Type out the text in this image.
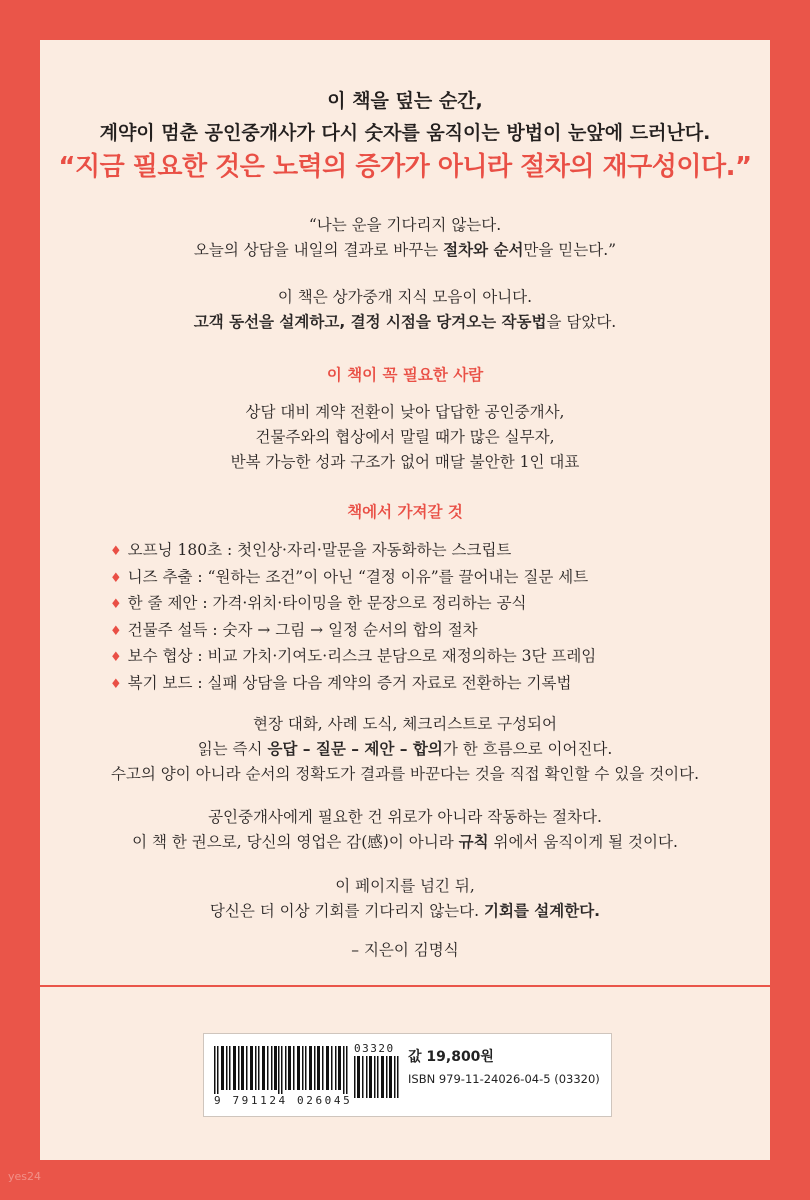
이 책을 덮는 순간,
계약이 멈춘 공인중개사가 다시 숫자를 움직이는 방법이 눈앞에 드러난다.
“지금 필요한 것은 노력의 증가가 아니라 절차의 재구성이다.”
“나는 운을 기다리지 않는다.
오늘의 상담을 내일의 결과로 바꾸는 절차와 순서만을 믿는다.”
이 책은 상가중개 지식 모음이 아니다.
고객 동선을 설계하고, 결정 시점을 당겨오는 작동법을 담았다.
이 책이 꼭 필요한 사람
상담 대비 계약 전환이 낮아 답답한 공인중개사,
건물주와의 협상에서 말릴 때가 많은 실무자,
반복 가능한 성과 구조가 없어 매달 불안한 1인 대표
책에서 가져갈 것
♦ 오프닝 180초 : 첫인상·자리·말문을 자동화하는 스크립트
♦ 니즈 추출 : “원하는 조건”이 아닌 “결정 이유”를 끌어내는 질문 세트
♦ 한 줄 제안 : 가격·위치·타이밍을 한 문장으로 정리하는 공식
♦ 건물주 설득 : 숫자 → 그림 → 일정 순서의 합의 절차
♦ 보수 협상 : 비교 가치·기여도·리스크 분담으로 재정의하는 3단 프레임
♦ 복기 보드 : 실패 상담을 다음 계약의 증거 자료로 전환하는 기록법
현장 대화, 사례 도식, 체크리스트로 구성되어
읽는 즉시 응답 – 질문 – 제안 – 합의가 한 흐름으로 이어진다.
수고의 양이 아니라 순서의 정확도가 결과를 바꾼다는 것을 직접 확인할 수 있을 것이다.
공인중개사에게 필요한 건 위로가 아니라 작동하는 절차다.
이 책 한 권으로, 당신의 영업은 감(感)이 아니라 규칙 위에서 움직이게 될 것이다.
이 페이지를 넘긴 뒤,
당신은 더 이상 기회를 기다리지 않는다. 기회를 설계한다.
– 지은이 김명식
9 791124 026045
03320
값 19,800원
ISBN 979-11-24026-04-5 (03320)
yes24
